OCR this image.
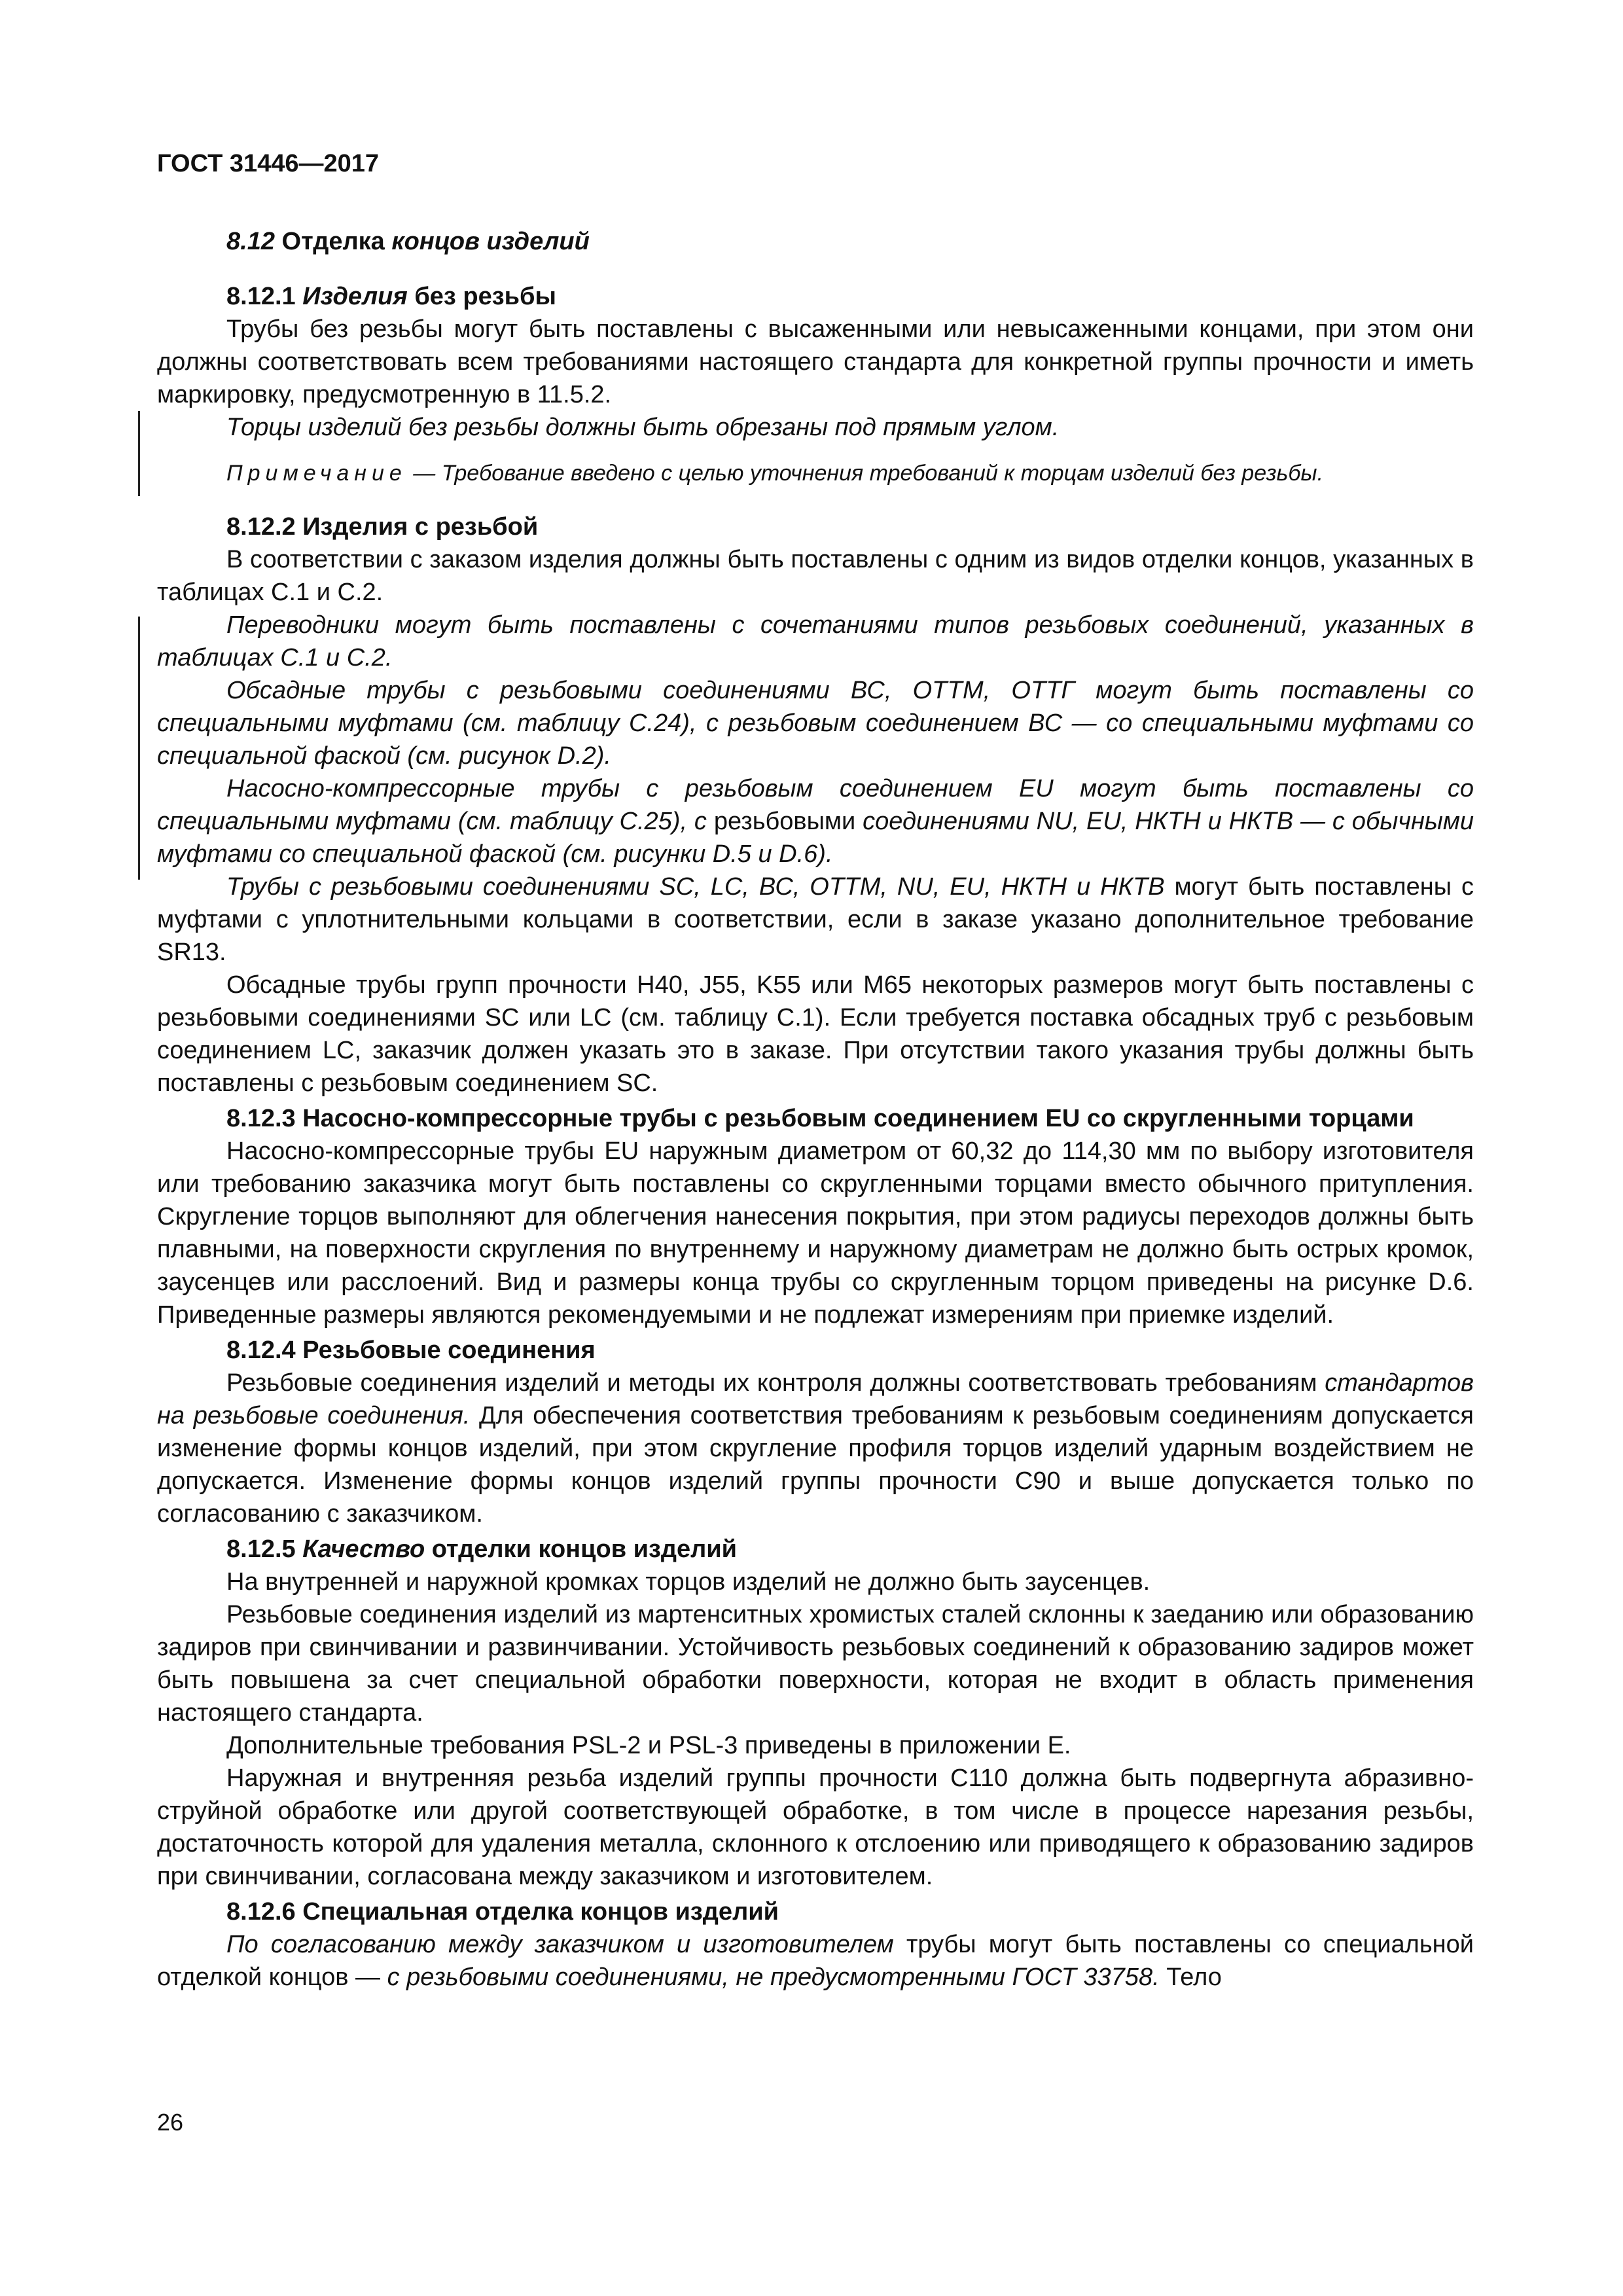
ГОСТ 31446—2017

8.12 Отделка концов изделий

8.12.1 Изделия без резьбы

Трубы без резьбы могут быть поставлены с высаженными или невысаженными концами, при этом они должны соответствовать всем требованиями настоящего стандарта для конкретной группы прочности и иметь маркировку, предусмотренную в 11.5.2.

Торцы изделий без резьбы должны быть обрезаны под прямым углом.

Примечание — Требование введено с целью уточнения требований к торцам изделий без резьбы.

8.12.2 Изделия с резьбой

В соответствии с заказом изделия должны быть поставлены с одним из видов отделки концов, указанных в таблицах С.1 и С.2.

Переводники могут быть поставлены с сочетаниями типов резьбовых соединений, указанных в таблицах С.1 и С.2.

Обсадные трубы с резьбовыми соединениями ВС, ОТТМ, ОТТГ могут быть поставлены со специальными муфтами (см. таблицу С.24), с резьбовым соединением ВС — со специальными муфтами со специальной фаской (см. рисунок D.2).

Насосно-компрессорные трубы с резьбовым соединением EU могут быть поставлены со специальными муфтами (см. таблицу С.25), с резьбовыми соединениями NU, EU, НКТН и НКТВ — с обычными муфтами со специальной фаской (см. рисунки D.5 и D.6).

Трубы с резьбовыми соединениями SC, LC, ВС, ОТТМ, NU, EU, НКТН и НКТВ могут быть поставлены с муфтами с уплотнительными кольцами в соответствии, если в заказе указано дополнительное требование SR13.

Обсадные трубы групп прочности Н40, J55, K55 или М65 некоторых размеров могут быть поставлены с резьбовыми соединениями SC или LC (см. таблицу С.1). Если требуется поставка обсадных труб с резьбовым соединением LC, заказчик должен указать это в заказе. При отсутствии такого указания трубы должны быть поставлены с резьбовым соединением SC.

8.12.3 Насосно-компрессорные трубы с резьбовым соединением EU со скругленными торцами

Насосно-компрессорные трубы EU наружным диаметром от 60,32 до 114,30 мм по выбору изготовителя или требованию заказчика могут быть поставлены со скругленными торцами вместо обычного притупления. Скругление торцов выполняют для облегчения нанесения покрытия, при этом радиусы переходов должны быть плавными, на поверхности скругления по внутреннему и наружному диаметрам не должно быть острых кромок, заусенцев или расслоений. Вид и размеры конца трубы со скругленным торцом приведены на рисунке D.6. Приведенные размеры являются рекомендуемыми и не подлежат измерениям при приемке изделий.

8.12.4 Резьбовые соединения

Резьбовые соединения изделий и методы их контроля должны соответствовать требованиям стандартов на резьбовые соединения. Для обеспечения соответствия требованиям к резьбовым соединениям допускается изменение формы концов изделий, при этом скругление профиля торцов изделий ударным воздействием не допускается. Изменение формы концов изделий группы прочности С90 и выше допускается только по согласованию с заказчиком.

8.12.5 Качество отделки концов изделий

На внутренней и наружной кромках торцов изделий не должно быть заусенцев.

Резьбовые соединения изделий из мартенситных хромистых сталей склонны к заеданию или образованию задиров при свинчивании и развинчивании. Устойчивость резьбовых соединений к образованию задиров может быть повышена за счет специальной обработки поверхности, которая не входит в область применения настоящего стандарта.

Дополнительные требования PSL-2 и PSL-3 приведены в приложении Е.

Наружная и внутренняя резьба изделий группы прочности С110 должна быть подвергнута абразивно-струйной обработке или другой соответствующей обработке, в том числе в процессе нарезания резьбы, достаточность которой для удаления металла, склонного к отслоению или приводящего к образованию задиров при свинчивании, согласована между заказчиком и изготовителем.

8.12.6 Специальная отделка концов изделий

По согласованию между заказчиком и изготовителем трубы могут быть поставлены со специальной отделкой концов — с резьбовыми соединениями, не предусмотренными ГОСТ 33758. Тело

26
